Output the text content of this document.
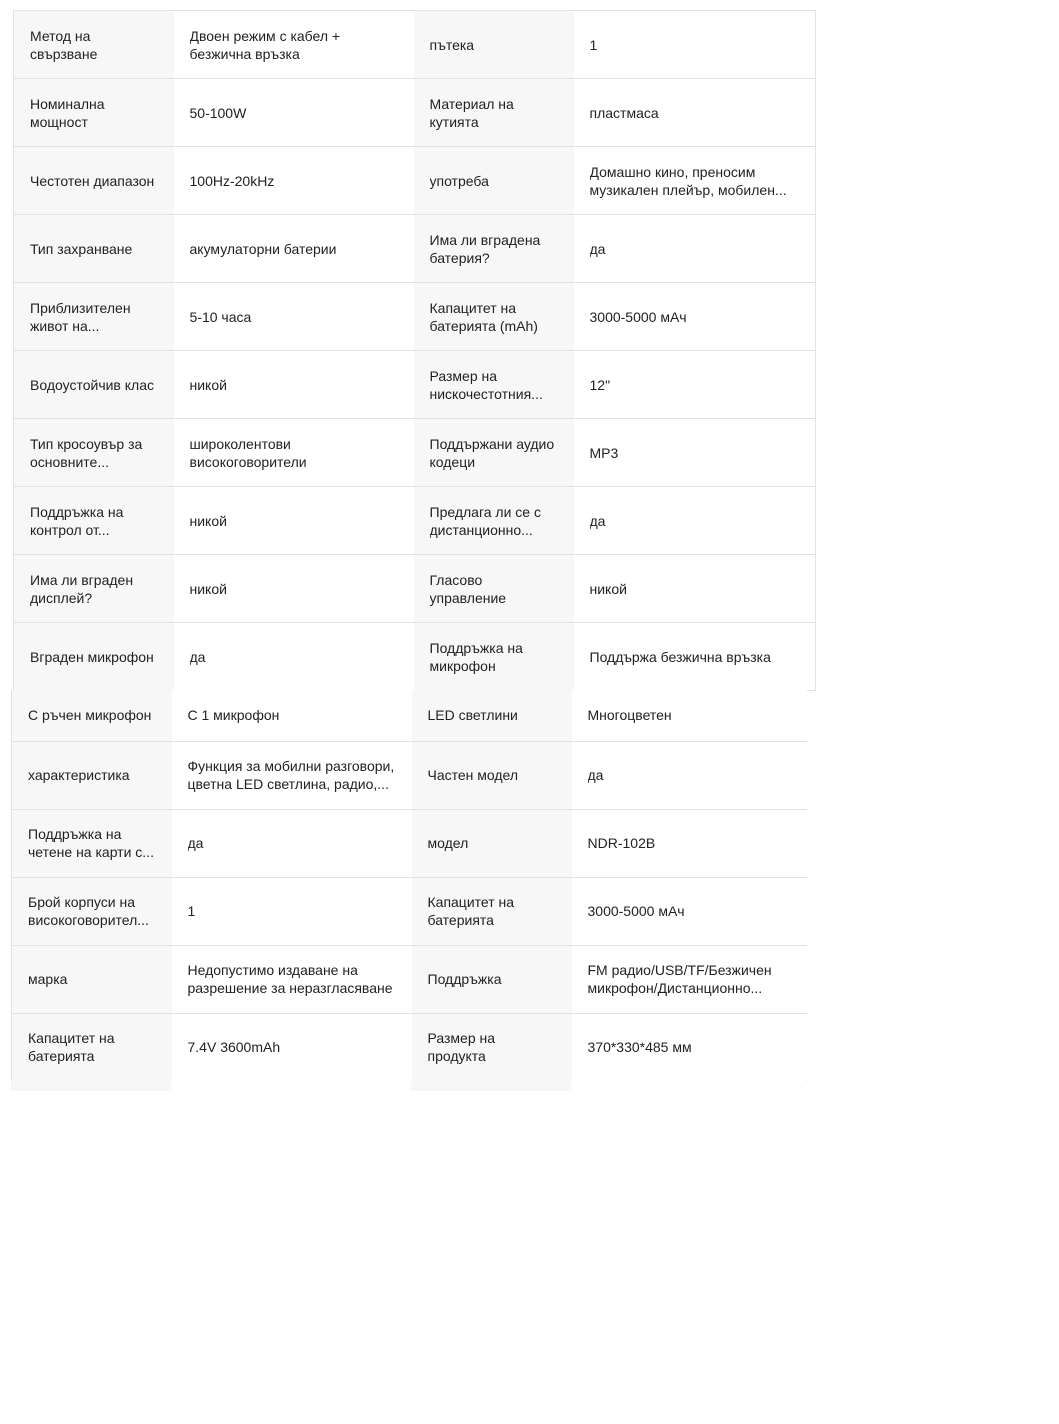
Метод на свързване	Двоен режим с кабел + безжична връзка	пътека	1

Номинална мощност	50-100W	Материал на кутията	пластмаса

Честотен диапазон	100Hz-20kHz	употреба	Домашно кино, преносим музикален плейър, мобилен...

Тип захранване	акумулаторни батерии	Има ли вградена батерия?	да

Приблизителен живот на...	5-10 часа	Капацитет на батерията (mAh)	3000-5000 мАч

Водоустойчив клас	никой	Размер на нискочестотния...	12"

Тип кросоувър за основните...	широколентови високоговорители	Поддържани аудио кодеци	MP3

Поддръжка на контрол от...	никой	Предлага ли се с дистанционно...	да

Има ли вграден дисплей?	никой	Гласово управление	никой

Вграден микрофон	да	Поддръжка на микрофон	Поддържа безжична връзка
С ръчен микрофон	С 1 микрофон	LED светлини	Многоцветен

характеристика	Функция за мобилни разговори, цветна LED светлина, радио,...	Частен модел	да

Поддръжка на четене на карти с...	да	модел	NDR-102B

Брой корпуси на високоговорител...	1	Капацитет на батерията	3000-5000 мАч

марка	Недопустимо издаване на разрешение за неразгласяване	Поддръжка	FM радио/USB/TF/Безжичен микрофон/Дистанционно...

Капацитет на батерията	7.4V 3600mAh	Размер на продукта	370*330*485 мм
